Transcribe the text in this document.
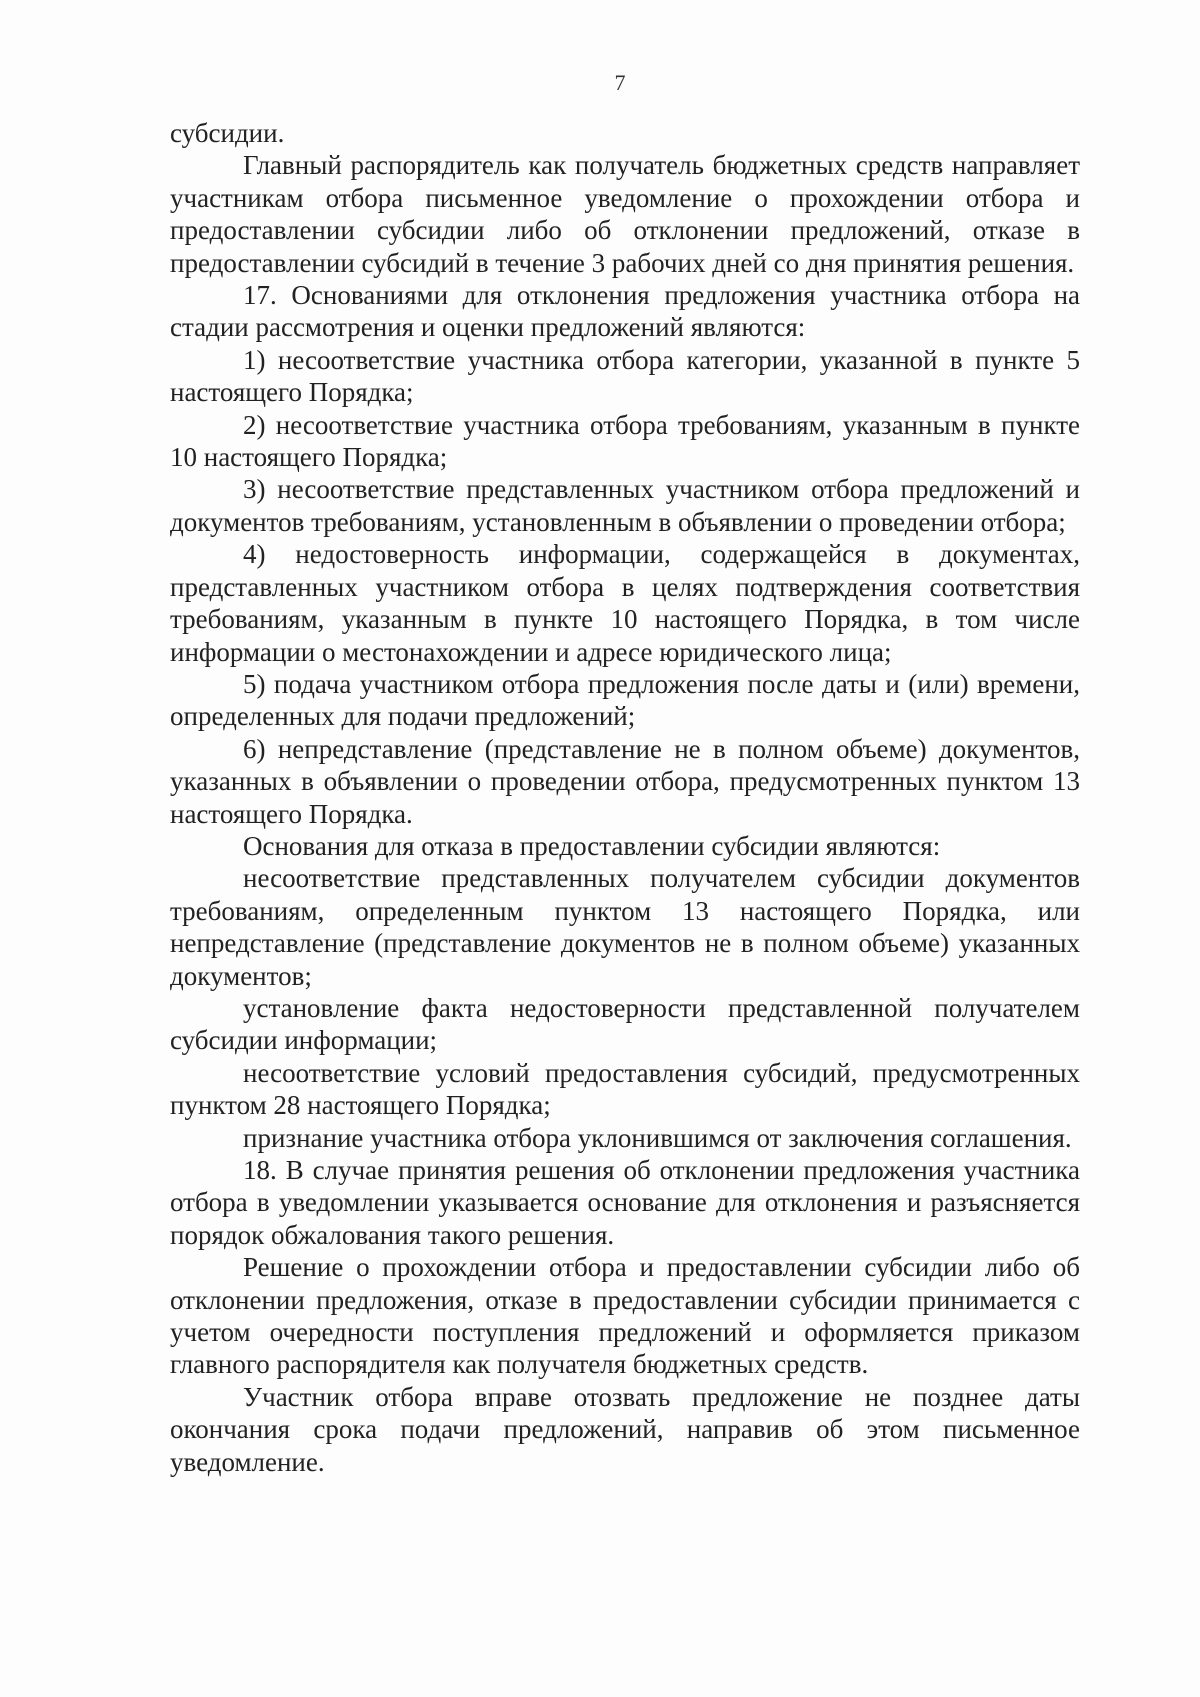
7

субсидии.

Главный распорядитель как получатель бюджетных средств направляет участникам отбора письменное уведомление о прохождении отбора и предоставлении субсидии либо об отклонении предложений, отказе в предоставлении субсидий в течение 3 рабочих дней со дня принятия решения.

17. Основаниями для отклонения предложения участника отбора на стадии рассмотрения и оценки предложений являются:

1) несоответствие участника отбора категории, указанной в пункте 5 настоящего Порядка;

2) несоответствие участника отбора требованиям, указанным в пункте 10 настоящего Порядка;

3) несоответствие представленных участником отбора предложений и документов требованиям, установленным в объявлении о проведении отбора;

4) недостоверность информации, содержащейся в документах, представленных участником отбора в целях подтверждения соответствия требованиям, указанным в пункте 10 настоящего Порядка, в том числе информации о местонахождении и адресе юридического лица;

5) подача участником отбора предложения после даты и (или) времени, определенных для подачи предложений;

6) непредставление (представление не в полном объеме) документов, указанных в объявлении о проведении отбора, предусмотренных пунктом 13 настоящего Порядка.

Основания для отказа в предоставлении субсидии являются:

несоответствие представленных получателем субсидии документов требованиям, определенным пунктом 13 настоящего Порядка, или непредставление (представление документов не в полном объеме) указанных документов;

установление факта недостоверности представленной получателем субсидии информации;

несоответствие условий предоставления субсидий, предусмотренных пунктом 28 настоящего Порядка;

признание участника отбора уклонившимся от заключения соглашения.

18. В случае принятия решения об отклонении предложения участника отбора в уведомлении указывается основание для отклонения и разъясняется порядок обжалования такого решения.

Решение о прохождении отбора и предоставлении субсидии либо об отклонении предложения, отказе в предоставлении субсидии принимается с учетом очередности поступления предложений и оформляется приказом главного распорядителя как получателя бюджетных средств.

Участник отбора вправе отозвать предложение не позднее даты окончания срока подачи предложений, направив об этом письменное уведомление.
